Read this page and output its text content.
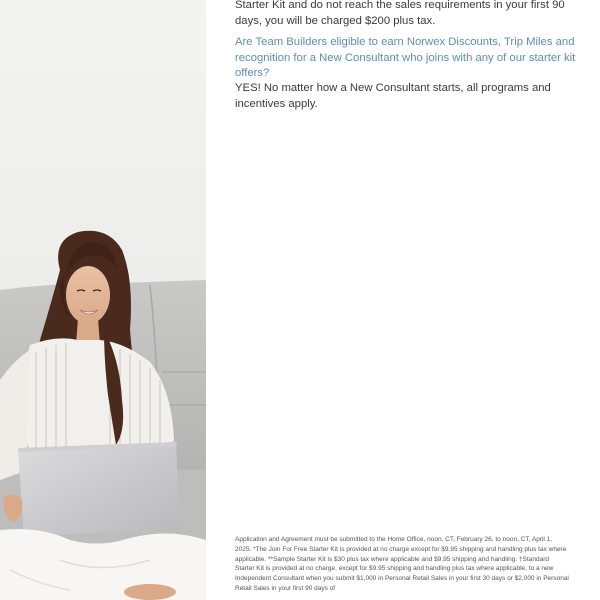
Starter Kit and do not reach the sales requirements in your first 90 days, you will be charged $200 plus tax.

Are Team Builders eligible to earn Norwex Discounts, Trip Miles and recognition for a New Consultant who joins with any of our starter kit offers?

YES! No matter how a New Consultant starts, all programs and incentives apply.

Application and Agreement must be submitted to the Home Office, noon, CT, February 26, to noon, CT, April 1, 2025. *The Join For Free Starter Kit is provided at no charge except for $9.95 shipping and handling plus tax where applicable. **Sample Starter Kit is $30 plus tax where applicable and $9.95 shipping and handling. †Standard Starter Kit is provided at no charge, except for $9.95 shipping and handling plus tax where applicable, to a new Independent Consultant when you submit $1,000 in Personal Retail Sales in your first 30 days or $2,000 in Personal Retail Sales in your first 90 days of
